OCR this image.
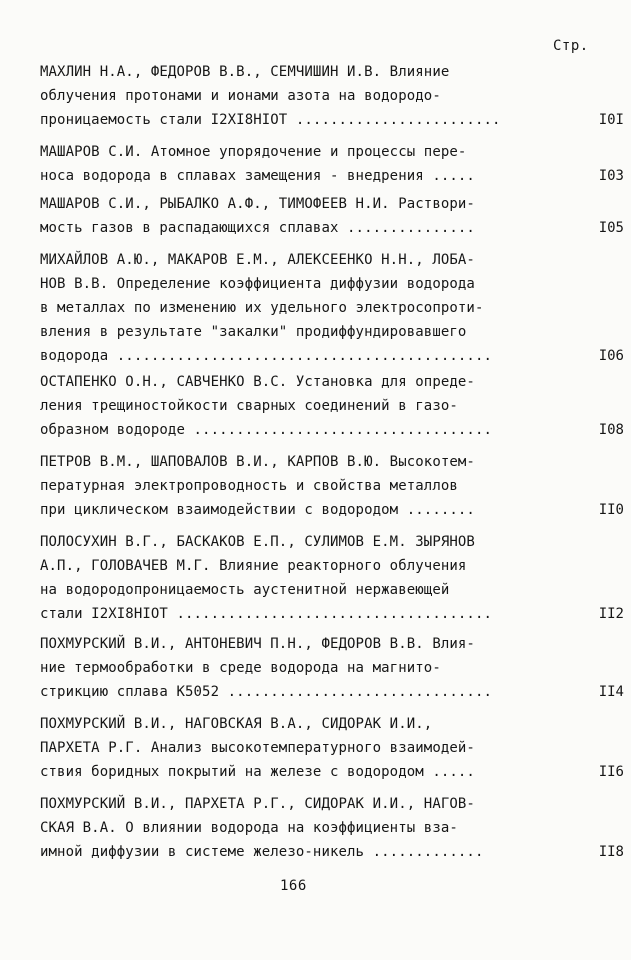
Стр.
МАХЛИН Н.А., ФЕДОРОВ В.В., СЕМЧИШИН И.В. Влияние
облучения протонами и ионами азота на водородо-
проницаемость стали I2XI8HIOT ........................	I0I
МАШАРОВ С.И. Атомное упорядочение и процессы пере-
носа водорода в сплавах замещения - внедрения .....	I03
МАШАРОВ С.И., РЫБАЛКО А.Ф., ТИМОФЕЕВ Н.И. Раствори-
мость газов в распадающихся сплавах ...............	I05
МИХАЙЛОВ А.Ю., МАКАРОВ Е.М., АЛЕКСЕЕНКО Н.Н., ЛОБА-
НОВ В.В. Определение коэффициента диффузии водорода
в металлах по изменению их удельного электросопроти-
вления в результате "закалки" продиффундировавшего
водорода ............................................	I06
ОСТАПЕНКО О.Н., САВЧЕНКО В.С. Установка для опреде-
ления трещиностойкости сварных соединений в газо-
образном водороде ...................................	I08
ПЕТРОВ В.М., ШАПОВАЛОВ В.И., КАРПОВ В.Ю. Высокотем-
пературная электропроводность и свойства металлов
при циклическом взаимодействии с водородом ........	II0
ПОЛОСУХИН В.Г., БАСКАКОВ Е.П., СУЛИМОВ Е.М. ЗЫРЯНОВ
А.П., ГОЛОВАЧЕВ М.Г. Влияние реакторного облучения
на водородопроницаемость аустенитной нержавеющей
стали I2XI8HIOT .....................................	II2
ПОХМУРСКИЙ В.И., АНТОНЕВИЧ П.Н., ФЕДОРОВ В.В. Влия-
ние термообработки в среде водорода на магнито-
стрикцию сплава К5052 ...............................	II4
ПОХМУРСКИЙ В.И., НАГОВСКАЯ В.А., СИДОРАК И.И.,
ПАРХЕТА Р.Г. Анализ высокотемпературного взаимодей-
ствия боридных покрытий на железе с водородом .....	II6
ПОХМУРСКИЙ В.И., ПАРХЕТА Р.Г., СИДОРАК И.И., НАГОВ-
СКАЯ В.А. О влиянии водорода на коэффициенты вза-
имной диффузии в системе железо-никель .............	II8
166
